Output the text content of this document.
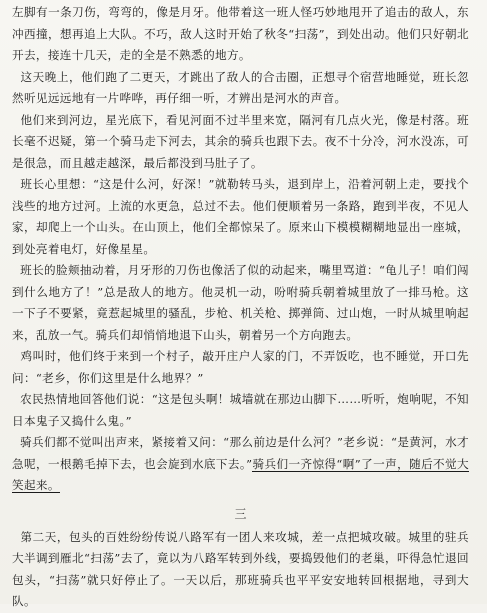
左脚有一条刀伤，弯弯的，像是月牙。他带着这一班人怪巧妙地甩开了追击的敌人，东冲西撞，想再追上大队。不巧，敌人这时开始了秋冬“扫荡”，到处出动。他们只好朝北开去，接连十几天，走的全是不熟悉的地方。

这天晚上，他们跑了二更天，才跳出了敌人的合击圈，正想寻个宿营地睡觉，班长忽然听见远远地有一片哗哗，再仔细一听，才辨出是河水的声音。

他们来到河边，星光底下，看见河面不过半里来宽，隔河有几点火光，像是村落。班长毫不迟疑，第一个骑马走下河去，其余的骑兵也跟下去。夜不十分冷，河水没冻，可是很急，而且越走越深，最后都没到马肚子了。

班长心里想：“这是什么河，好深！”就勒转马头，退到岸上，沿着河朝上走，要找个浅些的地方过河。上流的水更急，总过不去。他们便顺着另一条路，跑到半夜，不见人家，却爬上一个山头。在山顶上，他们全都惊呆了。原来山下模模糊糊地显出一座城，到处亮着电灯，好像星星。

班长的脸颊抽动着，月牙形的刀伤也像活了似的动起来，嘴里骂道：“龟儿子！咱们闯到什么地方了！”总是敌人的地方。他灵机一动，吩咐骑兵朝着城里放了一排马枪。这一下子不要紧，竟惹起城里的骚乱，步枪、机关枪、掷弹筒、过山炮，一时从城里响起来，乱放一气。骑兵们却悄悄地退下山头，朝着另一个方向跑去。

鸡叫时，他们终于来到一个村子，敲开庄户人家的门，不弄饭吃，也不睡觉，开口先问：“老乡，你们这里是什么地界？”

农民热情地回答他们说：“这是包头啊！城墙就在那边山脚下……听听，炮响呢，不知日本鬼子又捣什么鬼。”

骑兵们都不觉叫出声来，紧接着又问：“那么前边是什么河？”老乡说：“是黄河，水才急呢，一根鹅毛掉下去，也会旋到水底下去。”骑兵们一齐惊得“啊”了一声，随后不觉大笑起来。

三

第二天，包头的百姓纷纷传说八路军有一团人来攻城，差一点把城攻破。城里的驻兵大半调到雁北“扫荡”去了，竟以为八路军转到外线，要捣毁他们的老巢，吓得急忙退回包头，“扫荡”就只好停止了。一天以后，那班骑兵也平平安安地转回根据地，寻到大队。
